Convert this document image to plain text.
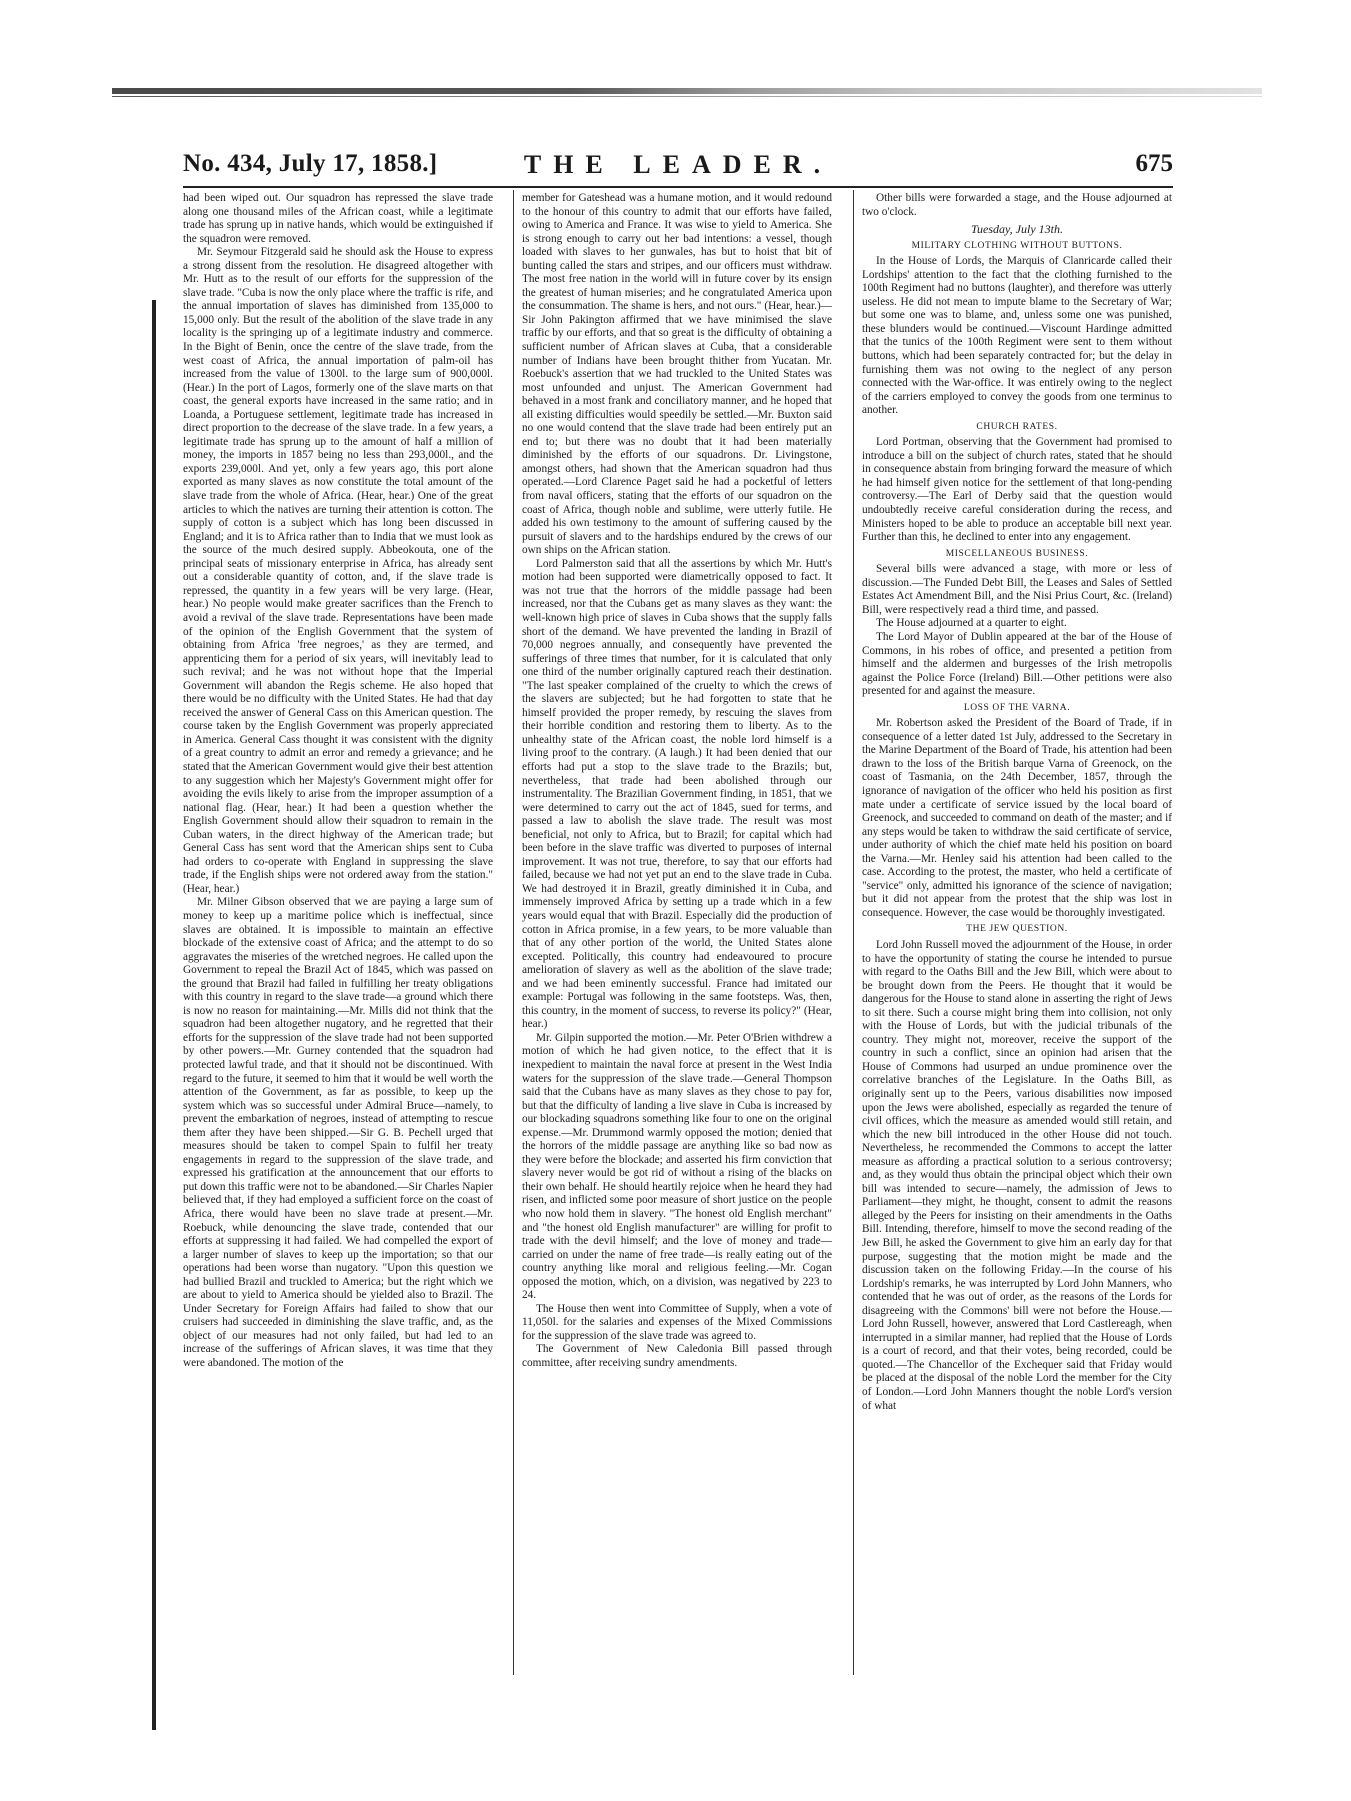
No. 434, July 17, 1858.]	THE LEADER.	675

had been wiped out. Our squadron has repressed the slave trade along one thousand miles of the African coast, while a legitimate trade has sprung up in native hands, which would be extinguished if the squadron were removed.

Mr. Seymour Fitzgerald said he should ask the House to express a strong dissent from the resolution. He disagreed altogether with Mr. Hutt as to the result of our efforts for the suppression of the slave trade. "Cuba is now the only place where the traffic is rife, and the annual importation of slaves has diminished from 135,000 to 15,000 only. But the result of the abolition of the slave trade in any locality is the springing up of a legitimate industry and commerce. In the Bight of Benin, once the centre of the slave trade, from the west coast of Africa, the annual importation of palm-oil has increased from the value of 1300l. to the large sum of 900,000l. (Hear.) In the port of Lagos, formerly one of the slave marts on that coast, the general exports have increased in the same ratio; and in Loanda, a Portuguese settlement, legitimate trade has increased in direct proportion to the decrease of the slave trade. In a few years, a legitimate trade has sprung up to the amount of half a million of money, the imports in 1857 being no less than 293,000l., and the exports 239,000l. And yet, only a few years ago, this port alone exported as many slaves as now constitute the total amount of the slave trade from the whole of Africa. (Hear, hear.) One of the great articles to which the natives are turning their attention is cotton. The supply of cotton is a subject which has long been discussed in England; and it is to Africa rather than to India that we must look as the source of the much desired supply. Abbeokouta, one of the principal seats of missionary enterprise in Africa, has already sent out a considerable quantity of cotton, and, if the slave trade is repressed, the quantity in a few years will be very large. (Hear, hear.) No people would make greater sacrifices than the French to avoid a revival of the slave trade. Representations have been made of the opinion of the English Government that the system of obtaining from Africa 'free negroes,' as they are termed, and apprenticing them for a period of six years, will inevitably lead to such revival; and he was not without hope that the Imperial Government will abandon the Regis scheme. He also hoped that there would be no difficulty with the United States. He had that day received the answer of General Cass on this American question. The course taken by the English Government was properly appreciated in America. General Cass thought it was consistent with the dignity of a great country to admit an error and remedy a grievance; and he stated that the American Government would give their best attention to any suggestion which her Majesty's Government might offer for avoiding the evils likely to arise from the improper assumption of a national flag. (Hear, hear.) It had been a question whether the English Government should allow their squadron to remain in the Cuban waters, in the direct highway of the American trade; but General Cass has sent word that the American ships sent to Cuba had orders to co-operate with England in suppressing the slave trade, if the English ships were not ordered away from the station." (Hear, hear.)

Mr. Milner Gibson observed that we are paying a large sum of money to keep up a maritime police which is ineffectual, since slaves are obtained. It is impossible to maintain an effective blockade of the extensive coast of Africa; and the attempt to do so aggravates the miseries of the wretched negroes. He called upon the Government to repeal the Brazil Act of 1845, which was passed on the ground that Brazil had failed in fulfilling her treaty obligations with this country in regard to the slave trade—a ground which there is now no reason for maintaining.—Mr. Mills did not think that the squadron had been altogether nugatory, and he regretted that their efforts for the suppression of the slave trade had not been supported by other powers.—Mr. Gurney contended that the squadron had protected lawful trade, and that it should not be discontinued. With regard to the future, it seemed to him that it would be well worth the attention of the Government, as far as possible, to keep up the system which was so successful under Admiral Bruce—namely, to prevent the embarkation of negroes, instead of attempting to rescue them after they have been shipped.—Sir G. B. Pechell urged that measures should be taken to compel Spain to fulfil her treaty engagements in regard to the suppression of the slave trade, and expressed his gratification at the announcement that our efforts to put down this traffic were not to be abandoned.—Sir Charles Napier believed that, if they had employed a sufficient force on the coast of Africa, there would have been no slave trade at present.—Mr. Roebuck, while denouncing the slave trade, contended that our efforts at suppressing it had failed. We had compelled the export of a larger number of slaves to keep up the importation; so that our operations had been worse than nugatory. "Upon this question we had bullied Brazil and truckled to America; but the right which we are about to yield to America should be yielded also to Brazil. The Under Secretary for Foreign Affairs had failed to show that our cruisers had succeeded in diminishing the slave traffic, and, as the object of our measures had not only failed, but had led to an increase of the sufferings of African slaves, it was time that they were abandoned. The motion of the

member for Gateshead was a humane motion, and it would redound to the honour of this country to admit that our efforts have failed, owing to America and France. It was wise to yield to America. She is strong enough to carry out her bad intentions: a vessel, though loaded with slaves to her gunwales, has but to hoist that bit of bunting called the stars and stripes, and our officers must withdraw. The most free nation in the world will in future cover by its ensign the greatest of human miseries; and he congratulated America upon the consummation. The shame is hers, and not ours." (Hear, hear.)—Sir John Pakington affirmed that we have minimised the slave traffic by our efforts, and that so great is the difficulty of obtaining a sufficient number of African slaves at Cuba, that a considerable number of Indians have been brought thither from Yucatan. Mr. Roebuck's assertion that we had truckled to the United States was most unfounded and unjust. The American Government had behaved in a most frank and conciliatory manner, and he hoped that all existing difficulties would speedily be settled.—Mr. Buxton said no one would contend that the slave trade had been entirely put an end to; but there was no doubt that it had been materially diminished by the efforts of our squadrons. Dr. Livingstone, amongst others, had shown that the American squadron had thus operated.—Lord Clarence Paget said he had a pocketful of letters from naval officers, stating that the efforts of our squadron on the coast of Africa, though noble and sublime, were utterly futile. He added his own testimony to the amount of suffering caused by the pursuit of slavers and to the hardships endured by the crews of our own ships on the African station.

Lord Palmerston said that all the assertions by which Mr. Hutt's motion had been supported were diametrically opposed to fact. It was not true that the horrors of the middle passage had been increased, nor that the Cubans get as many slaves as they want: the well-known high price of slaves in Cuba shows that the supply falls short of the demand. We have prevented the landing in Brazil of 70,000 negroes annually, and consequently have prevented the sufferings of three times that number, for it is calculated that only one third of the number originally captured reach their destination. "The last speaker complained of the cruelty to which the crews of the slavers are subjected; but he had forgotten to state that he himself provided the proper remedy, by rescuing the slaves from their horrible condition and restoring them to liberty. As to the unhealthy state of the African coast, the noble lord himself is a living proof to the contrary. (A laugh.) It had been denied that our efforts had put a stop to the slave trade to the Brazils; but, nevertheless, that trade had been abolished through our instrumentality. The Brazilian Government finding, in 1851, that we were determined to carry out the act of 1845, sued for terms, and passed a law to abolish the slave trade. The result was most beneficial, not only to Africa, but to Brazil; for capital which had been before in the slave traffic was diverted to purposes of internal improvement. It was not true, therefore, to say that our efforts had failed, because we had not yet put an end to the slave trade in Cuba. We had destroyed it in Brazil, greatly diminished it in Cuba, and immensely improved Africa by setting up a trade which in a few years would equal that with Brazil. Especially did the production of cotton in Africa promise, in a few years, to be more valuable than that of any other portion of the world, the United States alone excepted. Politically, this country had endeavoured to procure amelioration of slavery as well as the abolition of the slave trade; and we had been eminently successful. France had imitated our example: Portugal was following in the same footsteps. Was, then, this country, in the moment of success, to reverse its policy?" (Hear, hear.)

Mr. Gilpin supported the motion.—Mr. Peter O'Brien withdrew a motion of which he had given notice, to the effect that it is inexpedient to maintain the naval force at present in the West India waters for the suppression of the slave trade.—General Thompson said that the Cubans have as many slaves as they chose to pay for, but that the difficulty of landing a live slave in Cuba is increased by our blockading squadrons something like four to one on the original expense.—Mr. Drummond warmly opposed the motion; denied that the horrors of the middle passage are anything like so bad now as they were before the blockade; and asserted his firm conviction that slavery never would be got rid of without a rising of the blacks on their own behalf. He should heartily rejoice when he heard they had risen, and inflicted some poor measure of short justice on the people who now hold them in slavery. "The honest old English merchant" and "the honest old English manufacturer" are willing for profit to trade with the devil himself; and the love of money and trade—carried on under the name of free trade—is really eating out of the country anything like moral and religious feeling.—Mr. Cogan opposed the motion, which, on a division, was negatived by 223 to 24.

The House then went into Committee of Supply, when a vote of 11,050l. for the salaries and expenses of the Mixed Commissions for the suppression of the slave trade was agreed to.

The Government of New Caledonia Bill passed through committee, after receiving sundry amendments.

Other bills were forwarded a stage, and the House adjourned at two o'clock.

Tuesday, July 13th.
MILITARY CLOTHING WITHOUT BUTTONS.

In the House of Lords, the Marquis of Clanricarde called their Lordships' attention to the fact that the clothing furnished to the 100th Regiment had no buttons (laughter), and therefore was utterly useless. He did not mean to impute blame to the Secretary of War; but some one was to blame, and, unless some one was punished, these blunders would be continued.—Viscount Hardinge admitted that the tunics of the 100th Regiment were sent to them without buttons, which had been separately contracted for; but the delay in furnishing them was not owing to the neglect of any person connected with the War-office. It was entirely owing to the neglect of the carriers employed to convey the goods from one terminus to another.

CHURCH RATES.

Lord Portman, observing that the Government had promised to introduce a bill on the subject of church rates, stated that he should in consequence abstain from bringing forward the measure of which he had himself given notice for the settlement of that long-pending controversy.—The Earl of Derby said that the question would undoubtedly receive careful consideration during the recess, and Ministers hoped to be able to produce an acceptable bill next year. Further than this, he declined to enter into any engagement.

MISCELLANEOUS BUSINESS.

Several bills were advanced a stage, with more or less of discussion.—The Funded Debt Bill, the Leases and Sales of Settled Estates Act Amendment Bill, and the Nisi Prius Court, &c. (Ireland) Bill, were respectively read a third time, and passed.

The House adjourned at a quarter to eight.

The Lord Mayor of Dublin appeared at the bar of the House of Commons, in his robes of office, and presented a petition from himself and the aldermen and burgesses of the Irish metropolis against the Police Force (Ireland) Bill.—Other petitions were also presented for and against the measure.

LOSS OF THE VARNA.

Mr. Robertson asked the President of the Board of Trade, if in consequence of a letter dated 1st July, addressed to the Secretary in the Marine Department of the Board of Trade, his attention had been drawn to the loss of the British barque Varna of Greenock, on the coast of Tasmania, on the 24th December, 1857, through the ignorance of navigation of the officer who held his position as first mate under a certificate of service issued by the local board of Greenock, and succeeded to command on death of the master; and if any steps would be taken to withdraw the said certificate of service, under authority of which the chief mate held his position on board the Varna.—Mr. Henley said his attention had been called to the case. According to the protest, the master, who held a certificate of "service" only, admitted his ignorance of the science of navigation; but it did not appear from the protest that the ship was lost in consequence. However, the case would be thoroughly investigated.

THE JEW QUESTION.

Lord John Russell moved the adjournment of the House, in order to have the opportunity of stating the course he intended to pursue with regard to the Oaths Bill and the Jew Bill, which were about to be brought down from the Peers. He thought that it would be dangerous for the House to stand alone in asserting the right of Jews to sit there. Such a course might bring them into collision, not only with the House of Lords, but with the judicial tribunals of the country. They might not, moreover, receive the support of the country in such a conflict, since an opinion had arisen that the House of Commons had usurped an undue prominence over the correlative branches of the Legislature. In the Oaths Bill, as originally sent up to the Peers, various disabilities now imposed upon the Jews were abolished, especially as regarded the tenure of civil offices, which the measure as amended would still retain, and which the new bill introduced in the other House did not touch. Nevertheless, he recommended the Commons to accept the latter measure as affording a practical solution to a serious controversy; and, as they would thus obtain the principal object which their own bill was intended to secure—namely, the admission of Jews to Parliament—they might, he thought, consent to admit the reasons alleged by the Peers for insisting on their amendments in the Oaths Bill. Intending, therefore, himself to move the second reading of the Jew Bill, he asked the Government to give him an early day for that purpose, suggesting that the motion might be made and the discussion taken on the following Friday.—In the course of his Lordship's remarks, he was interrupted by Lord John Manners, who contended that he was out of order, as the reasons of the Lords for disagreeing with the Commons' bill were not before the House.—Lord John Russell, however, answered that Lord Castlereagh, when interrupted in a similar manner, had replied that the House of Lords is a court of record, and that their votes, being recorded, could be quoted.—The Chancellor of the Exchequer said that Friday would be placed at the disposal of the noble Lord the member for the City of London.—Lord John Manners thought the noble Lord's version of what
